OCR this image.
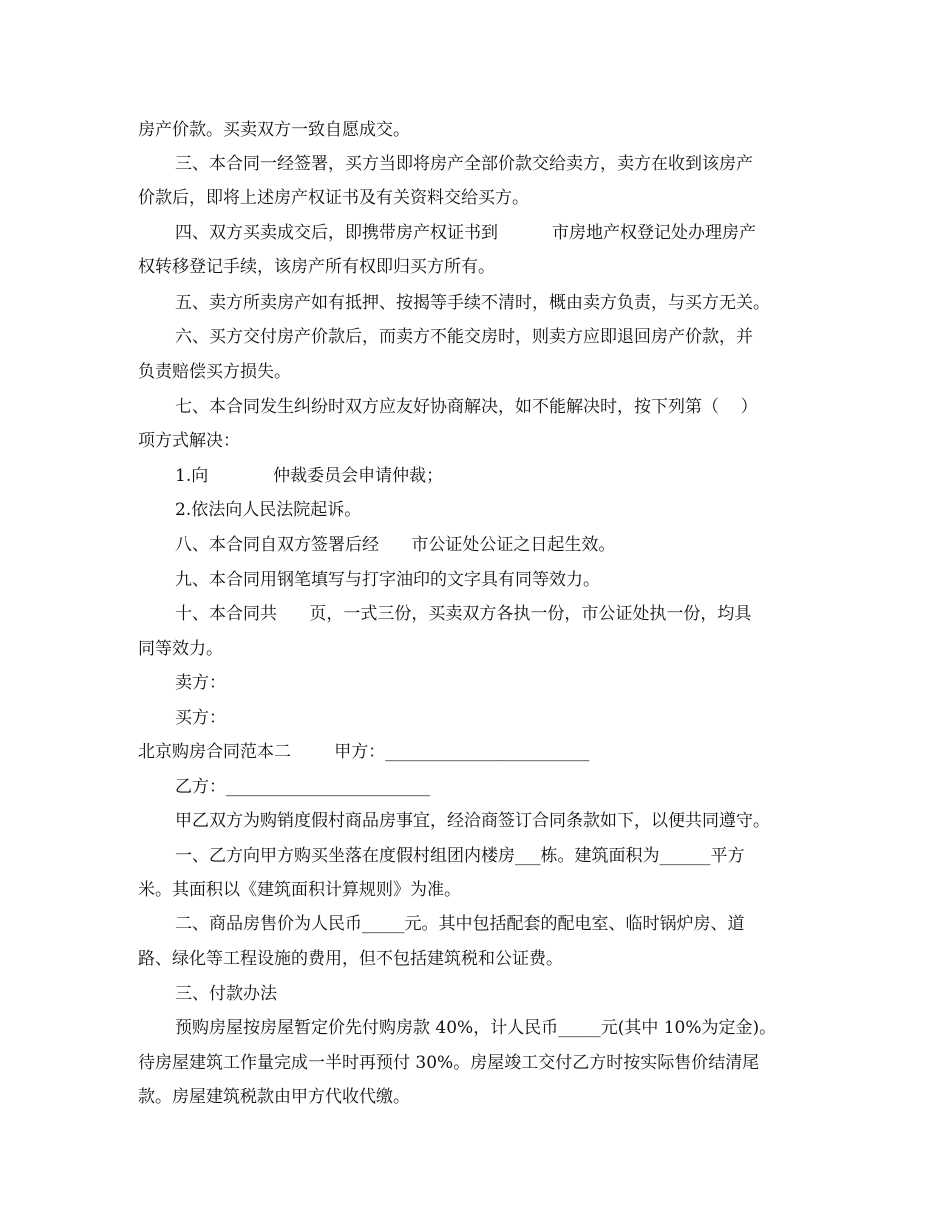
房产价款。买卖双方一致自愿成交。
三、本合同一经签署，买方当即将房产全部价款交给卖方，卖方在收到该房产
价款后，即将上述房产权证书及有关资料交给买方。
四、双方买卖成交后，即携带房产权证书到          市房地产权登记处办理房产
权转移登记手续，该房产所有权即归买方所有。
五、卖方所卖房产如有抵押、按揭等手续不清时，概由卖方负责，与买方无关。
六、买方交付房产价款后，而卖方不能交房时，则卖方应即退回房产价款，并
负责赔偿买方损失。
七、本合同发生纠纷时双方应友好协商解决，如不能解决时，按下列第（    ）
项方式解决：
1.向            仲裁委员会申请仲裁；
2.依法向人民法院起诉。
八、本合同自双方签署后经      市公证处公证之日起生效。
九、本合同用钢笔填写与打字油印的文字具有同等效力。
十、本合同共      页，一式三份，买卖双方各执一份，市公证处执一份，均具
同等效力。
卖方：
买方：
北京购房合同范本二        甲方：________________________
乙方：________________________
甲乙双方为购销度假村商品房事宜，经洽商签订合同条款如下，以便共同遵守。
一、乙方向甲方购买坐落在度假村组团内楼房___栋。建筑面积为______平方
米。其面积以《建筑面积计算规则》为准。
二、商品房售价为人民币_____元。其中包括配套的配电室、临时锅炉房、道
路、绿化等工程设施的费用，但不包括建筑税和公证费。
三、付款办法
预购房屋按房屋暂定价先付购房款 40%，计人民币_____元(其中 10%为定金)。
待房屋建筑工作量完成一半时再预付 30%。房屋竣工交付乙方时按实际售价结清尾
款。房屋建筑税款由甲方代收代缴。
